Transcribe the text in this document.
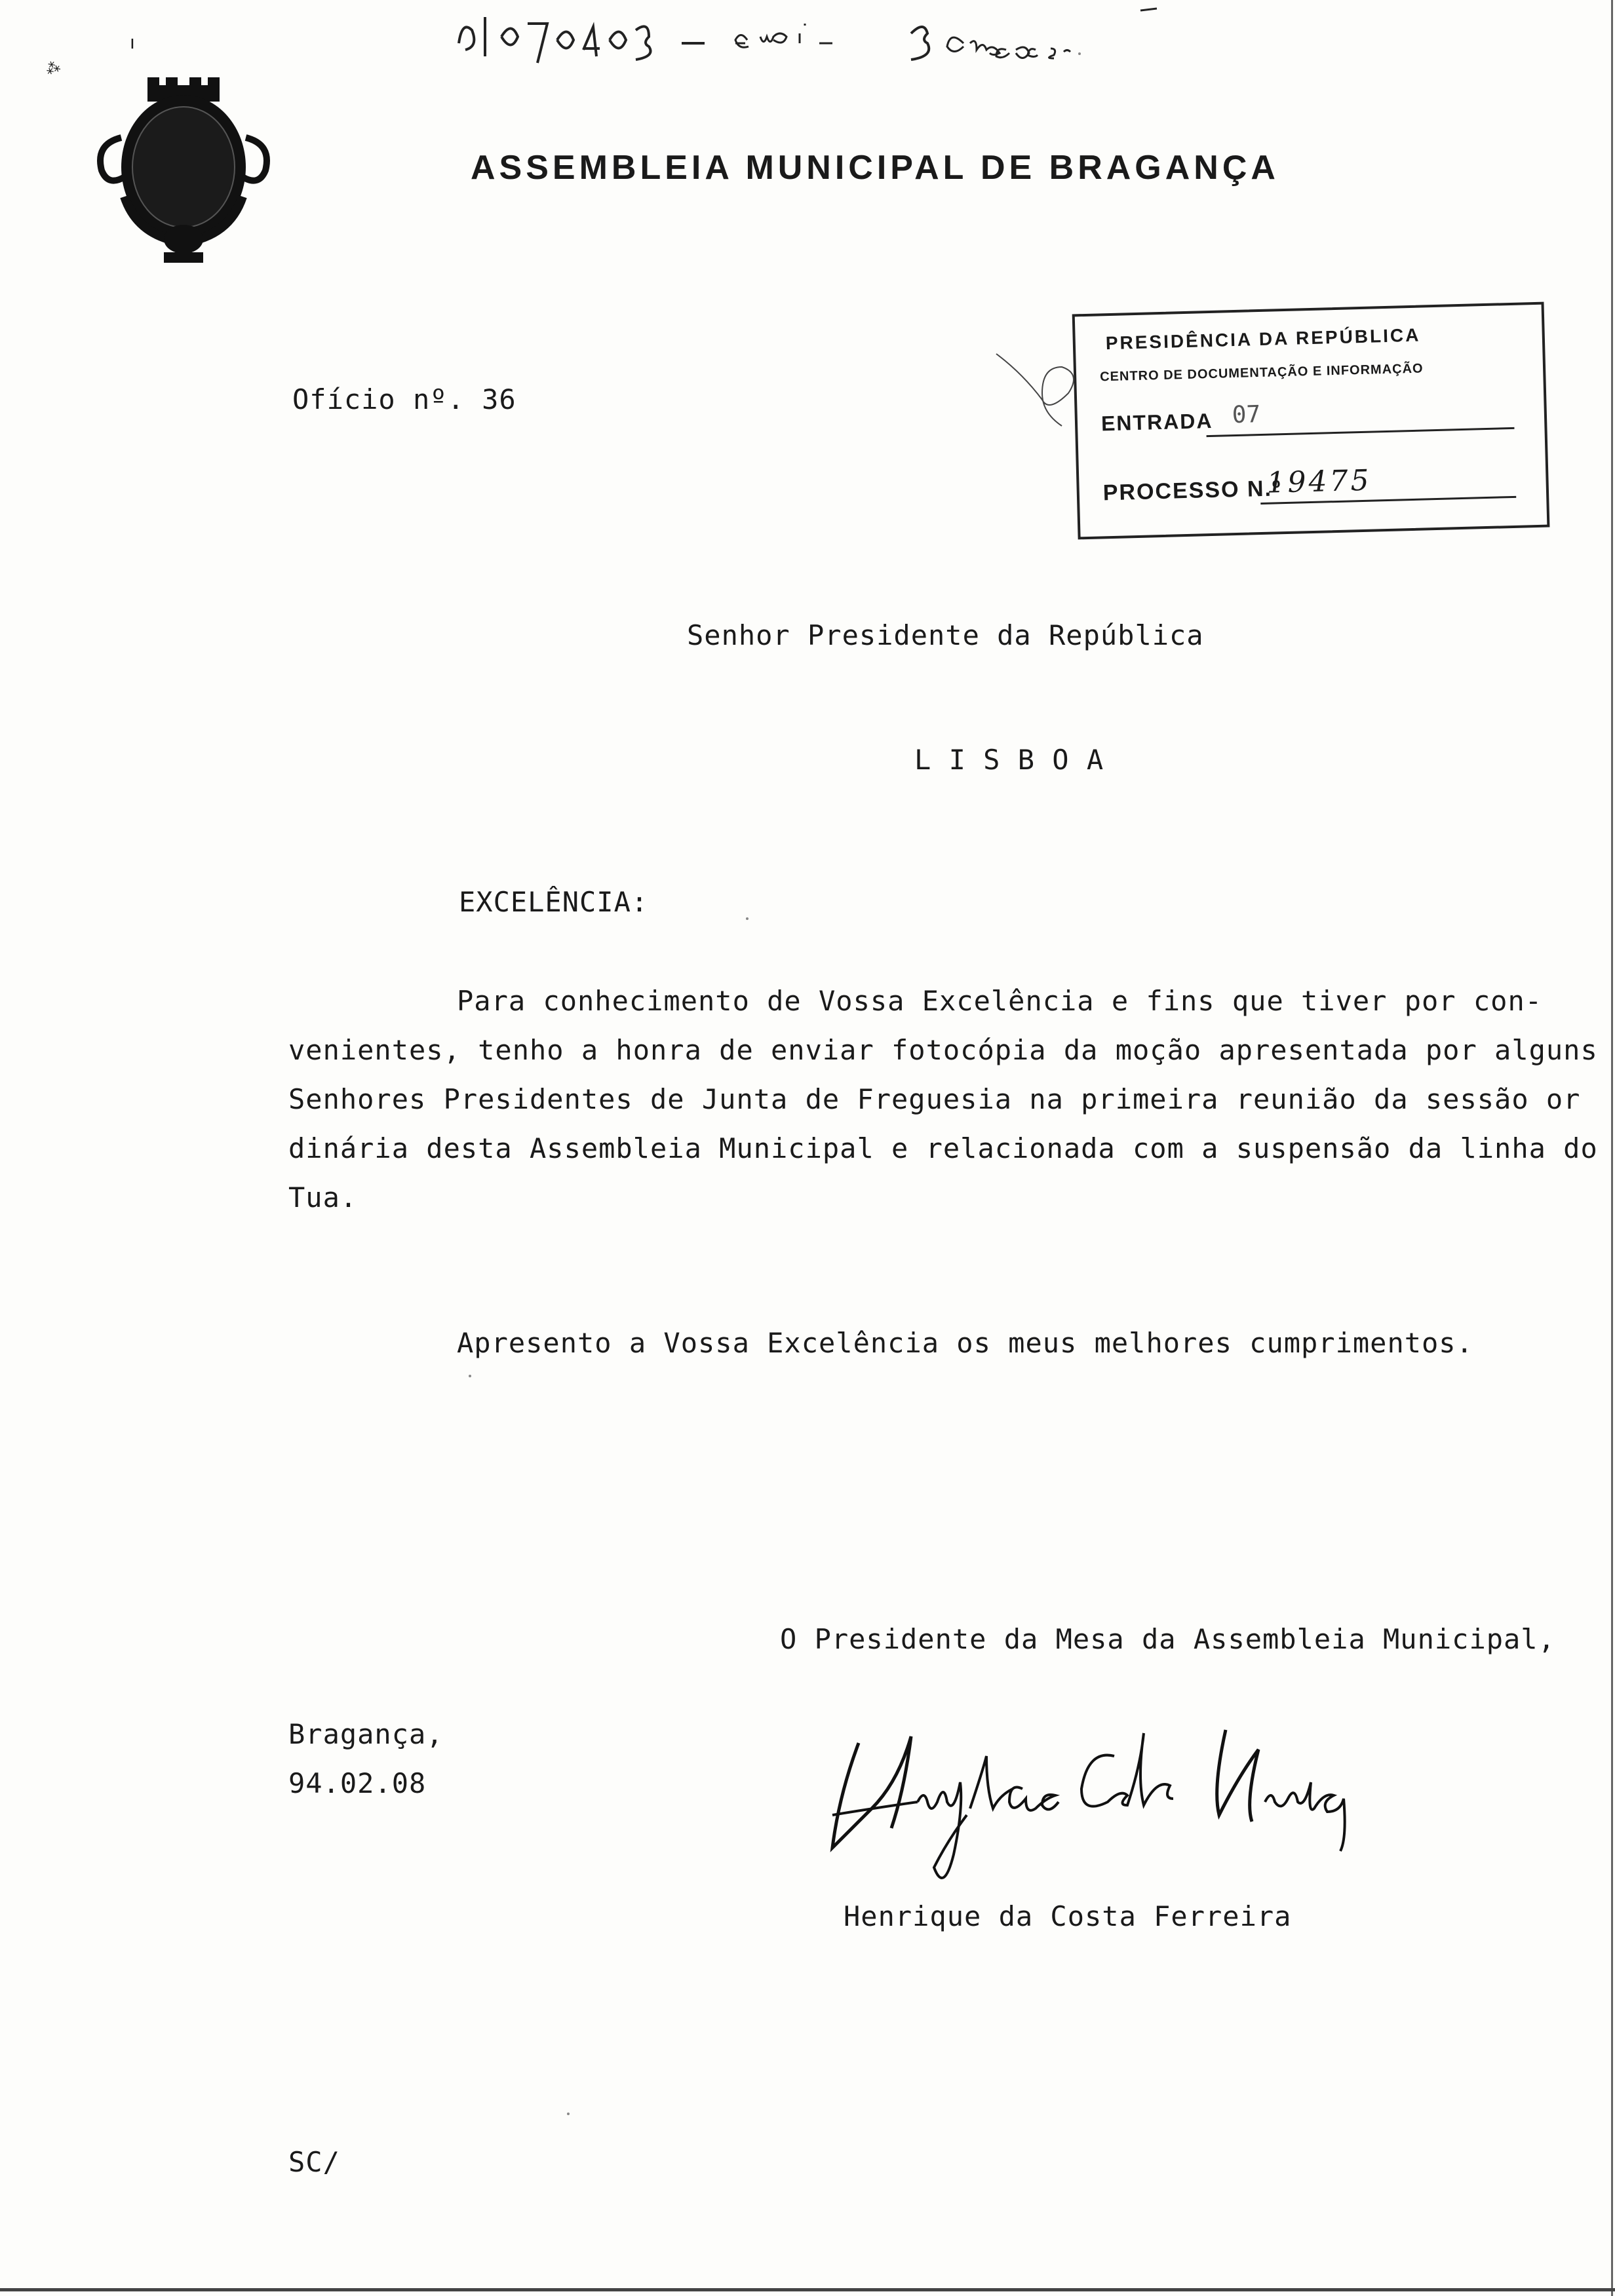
⁂
ı
ASSEMBLEIA MUNICIPAL DE BRAGANÇA
Ofício nº. 36
PRESIDÊNCIA DA REPÚBLICA
CENTRO DE DOCUMENTAÇÃO E INFORMAÇÃO
ENTRADA 07
PROCESSO N.º
19475
Senhor Presidente da República
L I S B O A
EXCELÊNCIA:

Para conhecimento de Vossa Excelência e fins que tiver por con-

venientes, tenho a honra de enviar fotocópia da moção apresentada por alguns

Senhores Presidentes de Junta de Freguesia na primeira reunião da sessão or

dinária desta Assembleia Municipal e relacionada com a suspensão da linha do

Tua.

Apresento a Vossa Excelência os meus melhores cumprimentos.
O Presidente da Mesa da Assembleia Municipal,
Bragança,
94.02.08
Henrique da Costa Ferreira
SC/
